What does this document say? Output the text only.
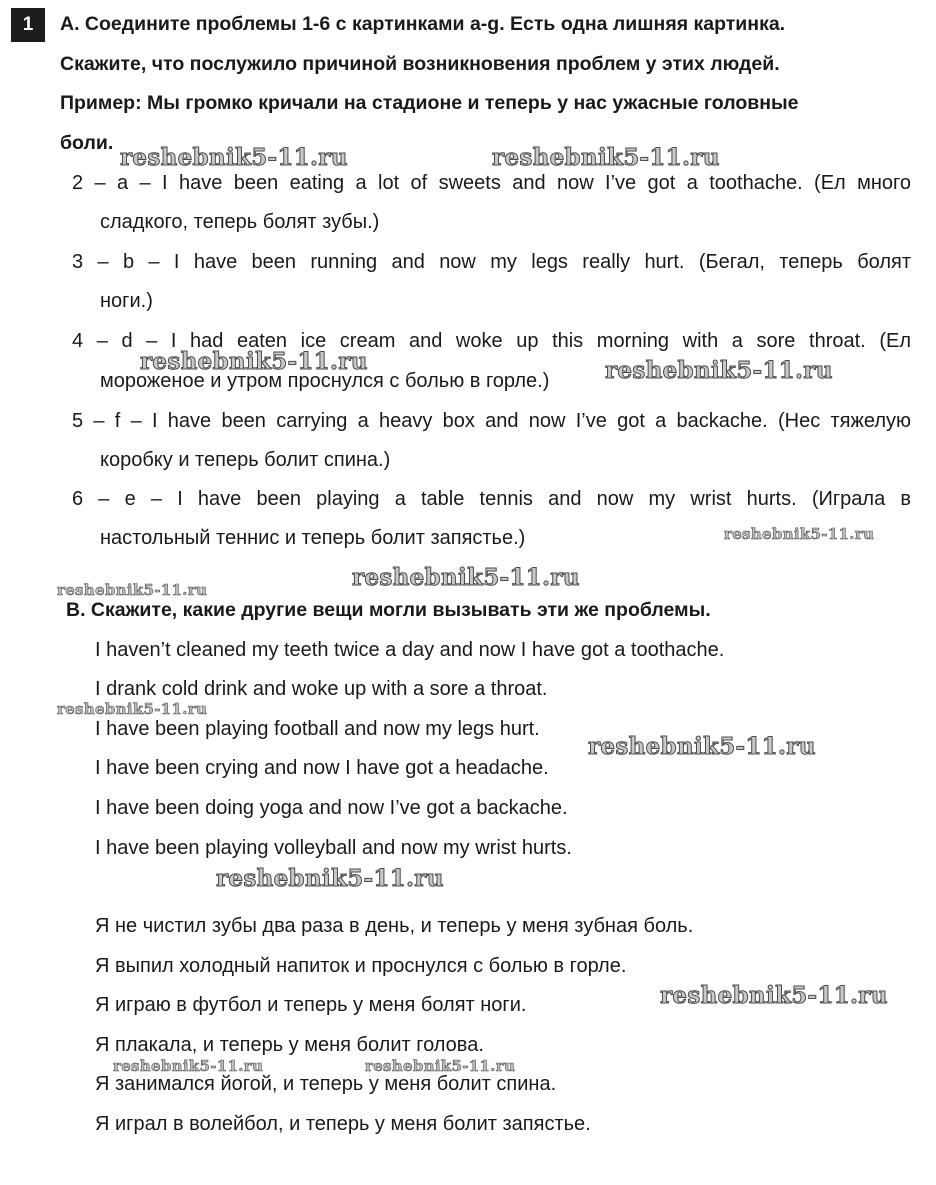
1	А. Соедините проблемы 1-6 с картинками a-g. Есть одна лишняя картинка.
Скажите, что послужило причиной возникновения проблем у этих людей.
Пример: Мы громко кричали на стадионе и теперь у нас ужасные головные
боли.
2 – a – I have been eating a lot of sweets and now I’ve got a toothache. (Ел много
сладкого, теперь болят зубы.)
3 – b – I have been running and now my legs really hurt. (Бегал, теперь болят
ноги.)
4 – d – I had eaten ice cream and woke up this morning with a sore throat. (Ел
мороженое и утром проснулся с болью в горле.)
5 – f – I have been carrying a heavy box and now I’ve got a backache. (Нес тяжелую
коробку и теперь болит спина.)
6 – e – I have been playing a table tennis and now my wrist hurts. (Играла в
настольный теннис и теперь болит запястье.)
В. Скажите, какие другие вещи могли вызывать эти же проблемы.
I haven’t cleaned my teeth twice a day and now I have got a toothache.
I drank cold drink and woke up with a sore a throat.
I have been playing football and now my legs hurt.
I have been crying and now I have got a headache.
I have been doing yoga and now I’ve got a backache.
I have been playing volleyball and now my wrist hurts.
Я не чистил зубы два раза в день, и теперь у меня зубная боль.
Я выпил холодный напиток и проснулся с болью в горле.
Я играю в футбол и теперь у меня болят ноги.
Я плакала, и теперь у меня болит голова.
Я занимался йогой, и теперь у меня болит спина.
Я играл в волейбол, и теперь у меня болит запястье.
reshebnik5-11.ru	reshebnik5-11.ru
reshebnik5-11.ru	reshebnik5-11.ru
reshebnik5-11.ru
reshebnik5-11.ru
reshebnik5-11.ru
reshebnik5-11.ru
reshebnik5-11.ru
reshebnik5-11.ru
reshebnik5-11.ru
reshebnik5-11.ru	reshebnik5-11.ru
